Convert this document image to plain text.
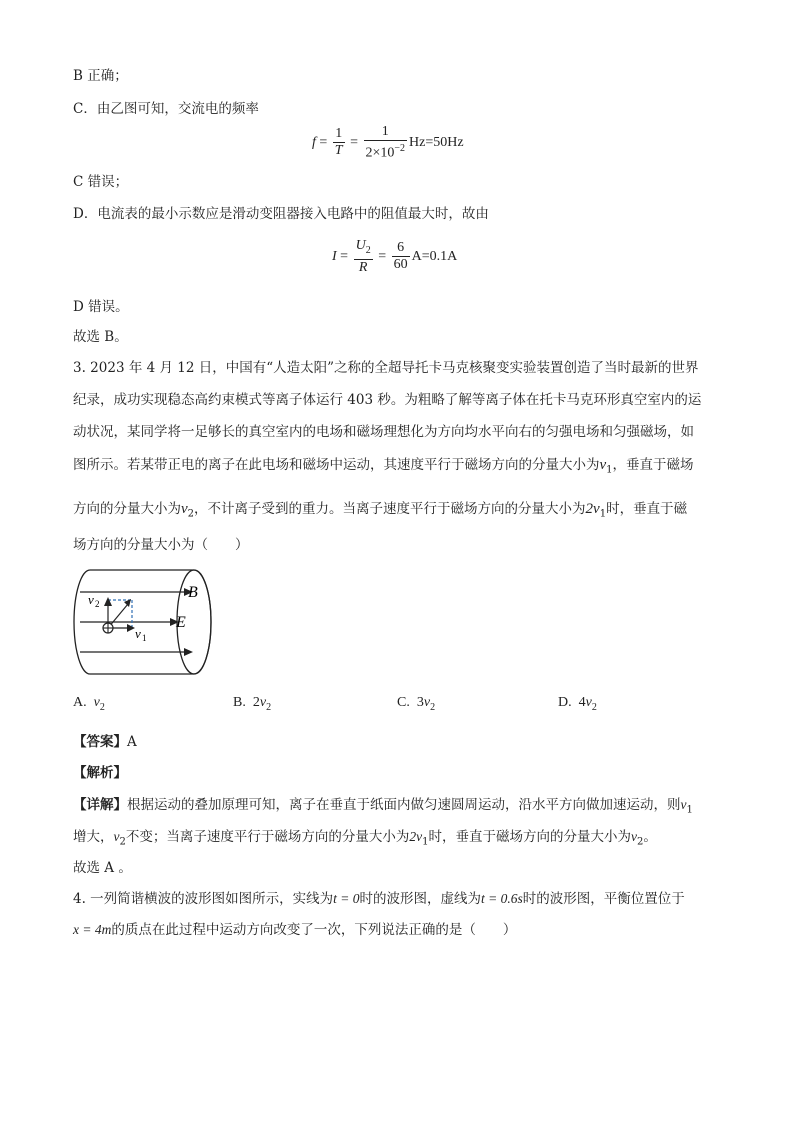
B 正确；
C．由乙图可知，交流电的频率
$f = \frac{1}{T} = \frac{1}{2\times 10^{-2}} Hz=50Hz$
C 错误；
D．电流表的最小示数应是滑动变阻器接入电路中的阻值最大时，故由
$I = \frac{U_2}{R} = \frac{6}{60} A=0.1A$
D 错误。
故选 B。
3. 2023 年 4 月 12 日，中国有“人造太阳”之称的全超导托卡马克核聚变实验装置创造了当时最新的世界
纪录，成功实现稳态高约束模式等离子体运行 403 秒。为粗略了解等离子体在托卡马克环形真空室内的运
动状况，某同学将一足够长的真空室内的电场和磁场理想化为方向均水平向右的匀强电场和匀强磁场，如
图所示。若某带正电的离子在此电场和磁场中运动，其速度平行于磁场方向的分量大小为$v_1$，垂直于磁场
方向的分量大小为$v_2$，不计离子受到的重力。当离子速度平行于磁场方向的分量大小为$2v_1$时，垂直于磁
场方向的分量大小为（　　）
B
E
v 2
v 1
A. $v_2$	B. $2v_2$	C. $3v_2$	D. $4v_2$
【答案】A
【解析】
【详解】根据运动的叠加原理可知，离子在垂直于纸面内做匀速圆周运动，沿水平方向做加速运动，则$v_1$
增大，$v_2$不变；当离子速度平行于磁场方向的分量大小为$2v_1$时，垂直于磁场方向的分量大小为$v_2$。
故选 A 。
4. 一列简谐横波的波形图如图所示，实线为t = 0时的波形图，虚线为t = 0.6s时的波形图，平衡位置位于
x = 4m的质点在此过程中运动方向改变了一次，下列说法正确的是（　　）
